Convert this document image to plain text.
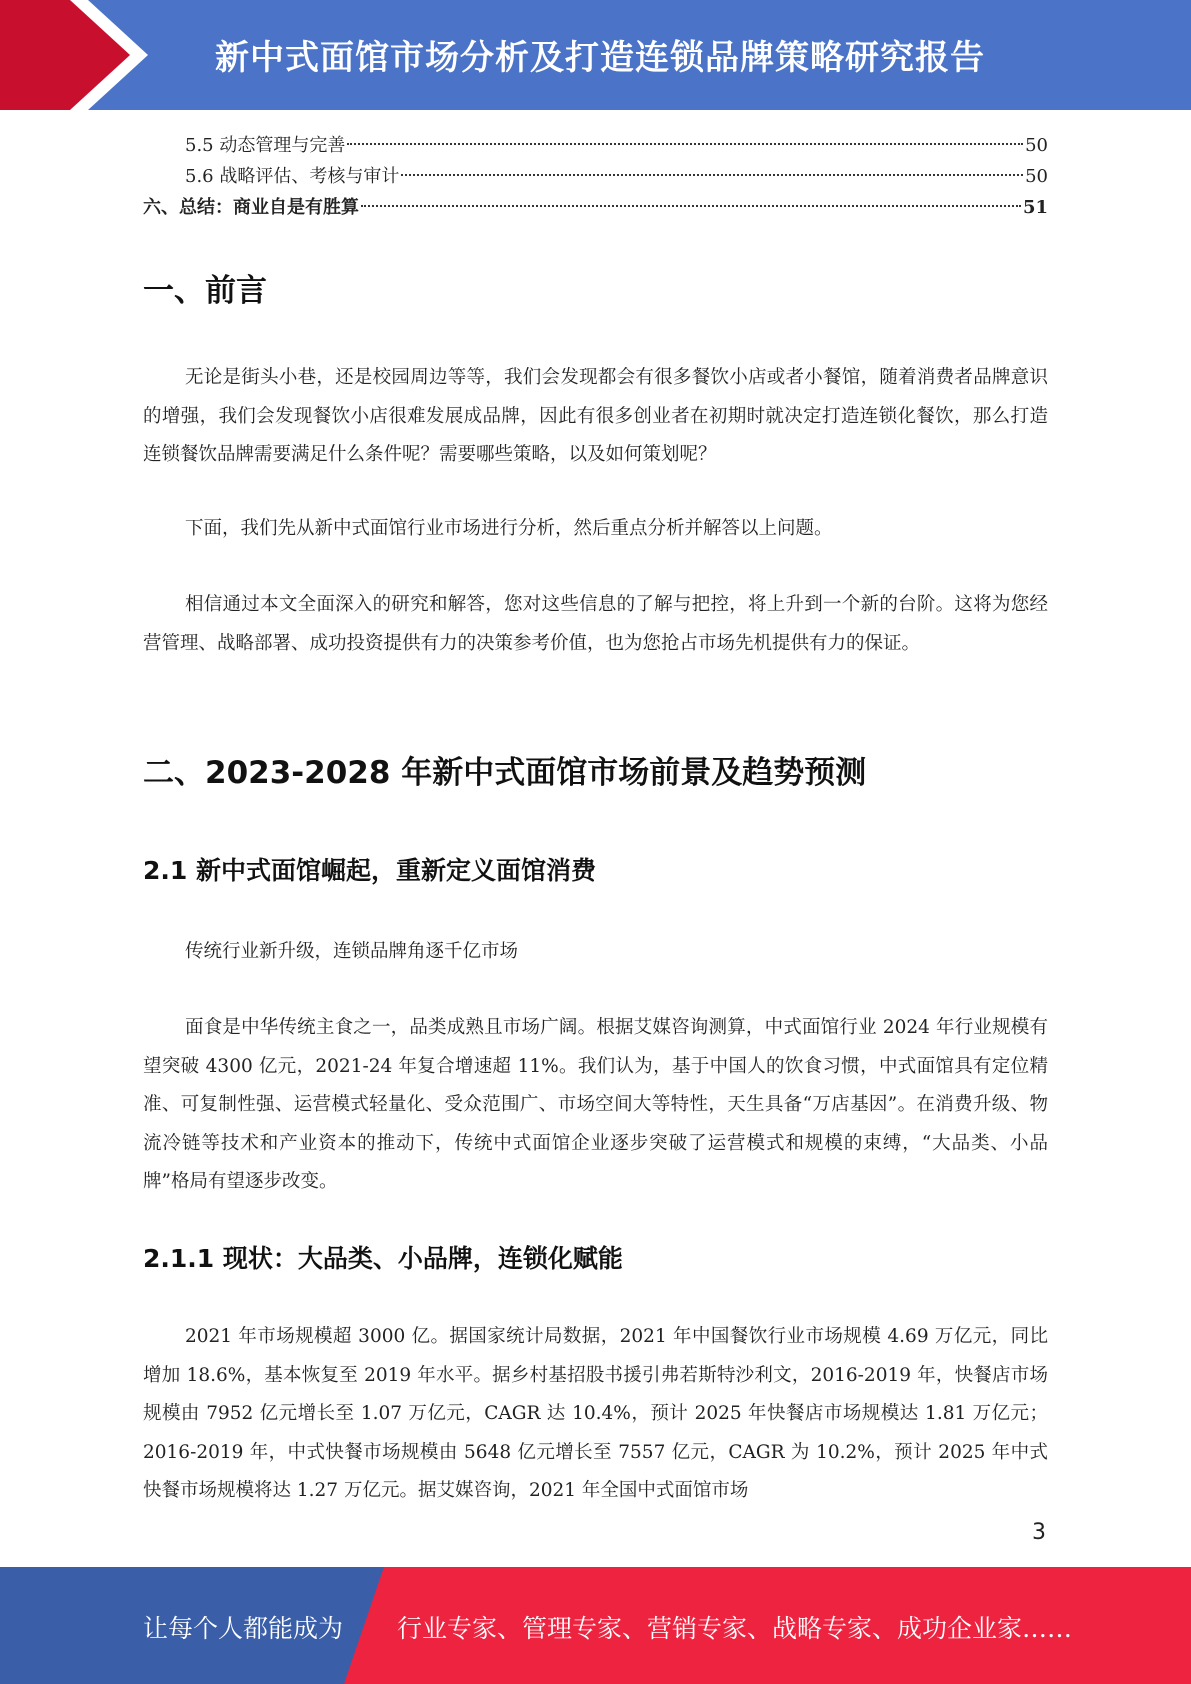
新中式面馆市场分析及打造连锁品牌策略研究报告
5.5 动态管理与完善	50
5.6 战略评估、考核与审计	50
六、总结：商业自是有胜算	51
一、前言

无论是街头小巷，还是校园周边等等，我们会发现都会有很多餐饮小店或者小餐馆，随着消费者品牌意识的增强，我们会发现餐饮小店很难发展成品牌，因此有很多创业者在初期时就决定打造连锁化餐饮，那么打造连锁餐饮品牌需要满足什么条件呢？需要哪些策略，以及如何策划呢？

下面，我们先从新中式面馆行业市场进行分析，然后重点分析并解答以上问题。

相信通过本文全面深入的研究和解答，您对这些信息的了解与把控，将上升到一个新的台阶。这将为您经营管理、战略部署、成功投资提供有力的决策参考价值，也为您抢占市场先机提供有力的保证。

二、2023-2028 年新中式面馆市场前景及趋势预测
2.1 新中式面馆崛起，重新定义面馆消费

传统行业新升级，连锁品牌角逐千亿市场

面食是中华传统主食之一，品类成熟且市场广阔。根据艾媒咨询测算，中式面馆行业 2024 年行业规模有望突破 4300 亿元，2021-24 年复合增速超 11%。我们认为，基于中国人的饮食习惯，中式面馆具有定位精准、可复制性强、运营模式轻量化、受众范围广、市场空间大等特性，天生具备“万店基因”。在消费升级、物流冷链等技术和产业资本的推动下，传统中式面馆企业逐步突破了运营模式和规模的束缚，“大品类、小品牌”格局有望逐步改变。

2.1.1 现状：大品类、小品牌，连锁化赋能

2021 年市场规模超 3000 亿。据国家统计局数据，2021 年中国餐饮行业市场规模 4.69 万亿元，同比增加 18.6%，基本恢复至 2019 年水平。据乡村基招股书援引弗若斯特沙利文，2016-2019 年，快餐店市场规模由 7952 亿元增长至 1.07 万亿元，CAGR 达 10.4%，预计 2025 年快餐店市场规模达 1.81 万亿元；2016-2019 年，中式快餐市场规模由 5648 亿元增长至 7557 亿元，CAGR 为 10.2%，预计 2025 年中式快餐市场规模将达 1.27 万亿元。据艾媒咨询，2021 年全国中式面馆市场

3
让每个人都能成为 行业专家、管理专家、营销专家、战略专家、成功企业家……
